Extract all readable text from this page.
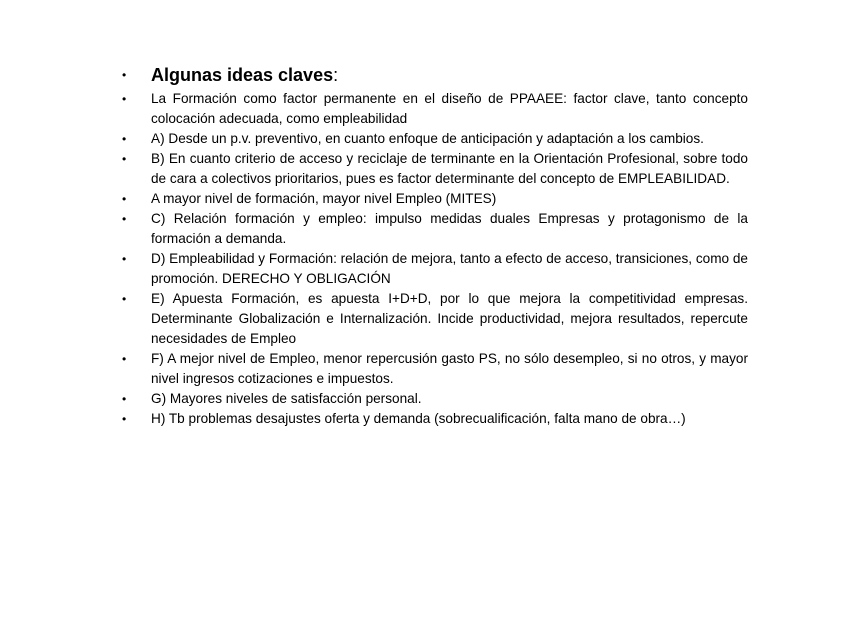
•	Algunas ideas claves:
•	La Formación como factor permanente en el diseño de PPAAEE: factor clave, tanto concepto colocación adecuada, como empleabilidad
•	A) Desde un p.v. preventivo, en cuanto enfoque de anticipación y adaptación a los cambios.
•	B) En cuanto criterio de acceso y reciclaje de terminante en la Orientación Profesional, sobre todo de cara a colectivos prioritarios, pues es factor determinante del concepto de EMPLEABILIDAD.
•	A mayor nivel de formación, mayor nivel Empleo (MITES)
•	C) Relación formación y empleo: impulso medidas duales Empresas y protagonismo de la formación a demanda.
•	D) Empleabilidad y Formación: relación de mejora, tanto a efecto de acceso, transiciones, como de promoción. DERECHO Y OBLIGACIÓN
•	E) Apuesta Formación, es apuesta I+D+D, por lo que mejora la competitividad empresas. Determinante Globalización e Internalización. Incide productividad, mejora resultados, repercute necesidades de Empleo
•	F) A mejor nivel de Empleo, menor repercusión gasto PS, no sólo desempleo, si no otros, y mayor nivel ingresos cotizaciones e impuestos.
•	G) Mayores niveles de satisfacción personal.
•	H) Tb problemas desajustes oferta y demanda (sobrecualificación, falta mano de obra…)
